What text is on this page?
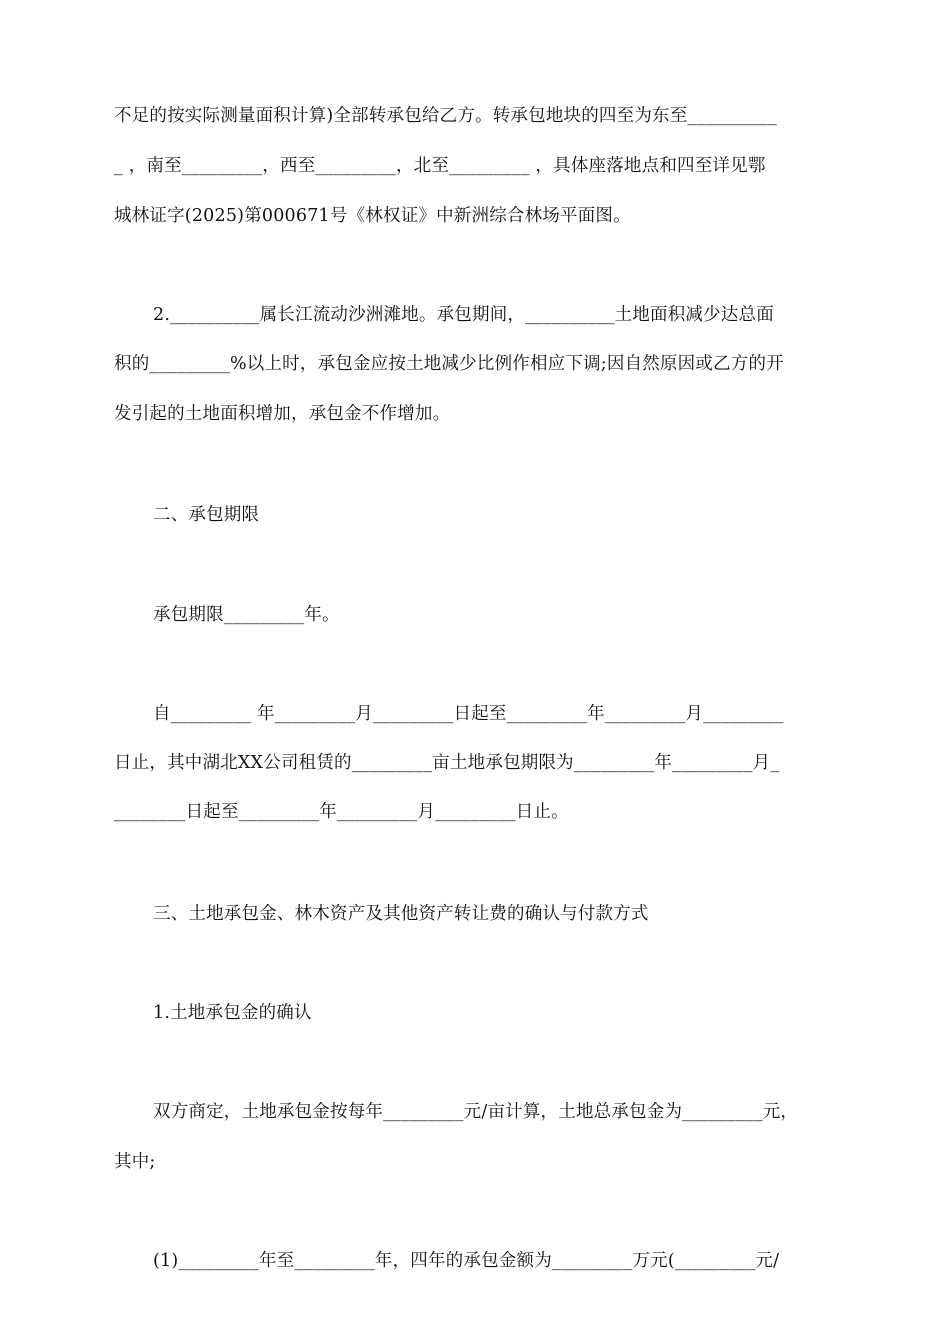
不足的按实际测量面积计算)全部转承包给乙方。转承包地块的四至为东至__________
_ ，南至_________，西至_________，北至_________ ，具体座落地点和四至详见鄂
城林证字(2025)第000671号《林权证》中新洲综合林场平面图。
2.__________属长江流动沙洲滩地。承包期间，__________土地面积减少达总面
积的_________%以上时，承包金应按土地减少比例作相应下调;因自然原因或乙方的开
发引起的土地面积增加，承包金不作增加。
二、承包期限
承包期限_________年。
自_________ 年_________月_________日起至_________年_________月_________
日止，其中湖北XX公司租赁的_________亩土地承包期限为_________年_________月_
________日起至_________年_________月_________日止。
三、土地承包金、林木资产及其他资产转让费的确认与付款方式
1.土地承包金的确认
双方商定，土地承包金按每年_________元/亩计算，土地总承包金为_________元，
其中;
(1)_________年至_________年，四年的承包金额为_________万元(_________元/
